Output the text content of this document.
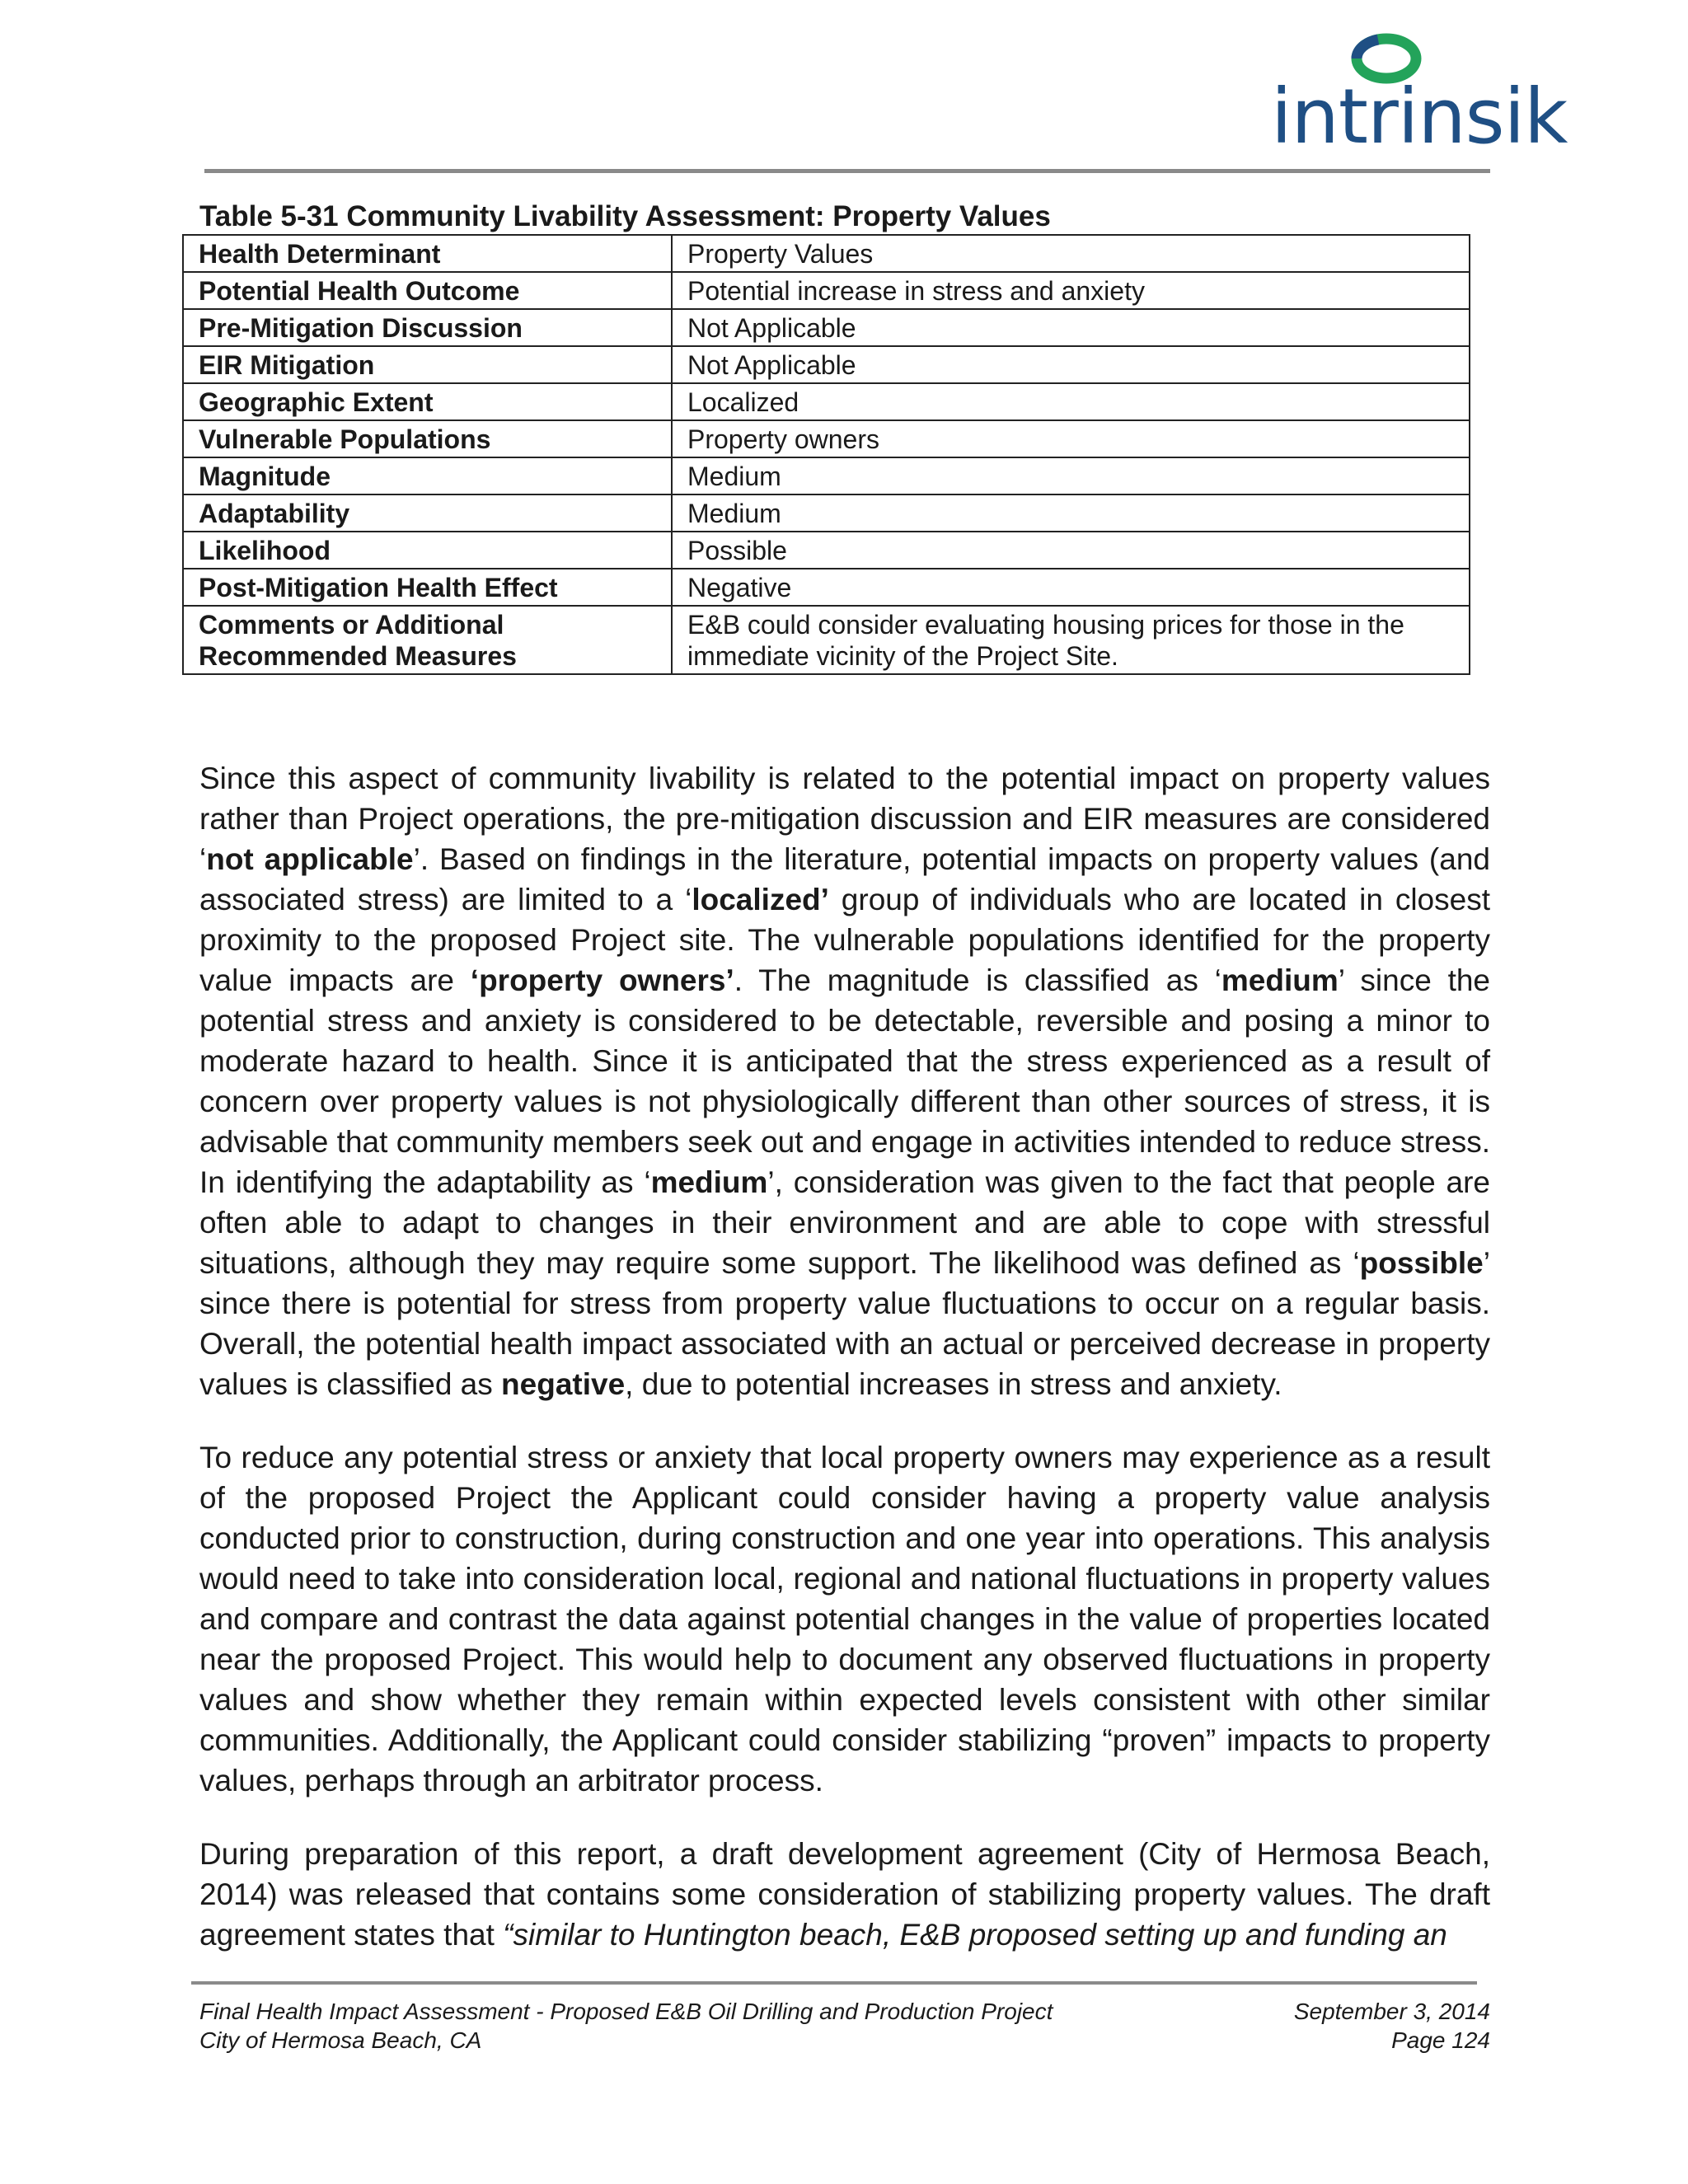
intrinsik
Table 5-31 Community Livability Assessment: Property Values
Health Determinant	Property Values
Potential Health Outcome	Potential increase in stress and anxiety
Pre-Mitigation Discussion	Not Applicable
EIR Mitigation	Not Applicable
Geographic Extent	Localized
Vulnerable Populations	Property owners
Magnitude	Medium
Adaptability	Medium
Likelihood	Possible
Post-Mitigation Health Effect	Negative
Comments or Additional Recommended Measures	E&B could consider evaluating housing prices for those in the immediate vicinity of the Project Site.

Since this aspect of community livability is related to the potential impact on property values rather than Project operations, the pre-mitigation discussion and EIR measures are considered ‘not applicable’. Based on findings in the literature, potential impacts on property values (and associated stress) are limited to a ‘localized’ group of individuals who are located in closest proximity to the proposed Project site. The vulnerable populations identified for the property value impacts are ‘property owners’. The magnitude is classified as ‘medium’ since the potential stress and anxiety is considered to be detectable, reversible and posing a minor to moderate hazard to health. Since it is anticipated that the stress experienced as a result of concern over property values is not physiologically different than other sources of stress, it is advisable that community members seek out and engage in activities intended to reduce stress. In identifying the adaptability as ‘medium’, consideration was given to the fact that people are often able to adapt to changes in their environment and are able to cope with stressful situations, although they may require some support. The likelihood was defined as ‘possible’ since there is potential for stress from property value fluctuations to occur on a regular basis. Overall, the potential health impact associated with an actual or perceived decrease in property values is classified as negative, due to potential increases in stress and anxiety.

To reduce any potential stress or anxiety that local property owners may experience as a result of the proposed Project the Applicant could consider having a property value analysis conducted prior to construction, during construction and one year into operations. This analysis would need to take into consideration local, regional and national fluctuations in property values and compare and contrast the data against potential changes in the value of properties located near the proposed Project. This would help to document any observed fluctuations in property values and show whether they remain within expected levels consistent with other similar communities. Additionally, the Applicant could consider stabilizing “proven” impacts to property values, perhaps through an arbitrator process.

During preparation of this report, a draft development agreement (City of Hermosa Beach, 2014) was released that contains some consideration of stabilizing property values. The draft agreement states that “similar to Huntington beach, E&B proposed setting up and funding an

Final Health Impact Assessment - Proposed E&B Oil Drilling and Production Project	September 3, 2014
City of Hermosa Beach, CA	Page 124
